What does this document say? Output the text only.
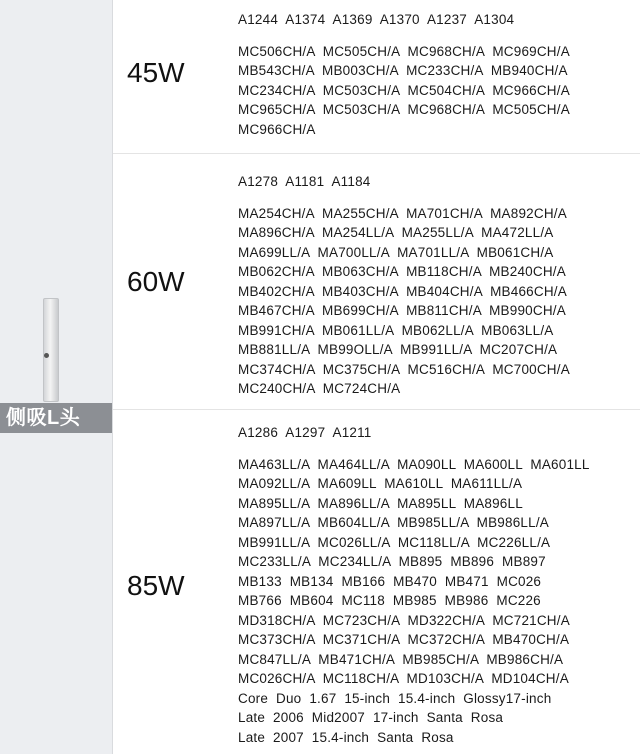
侧吸L头
45W
A1244 A1374 A1369 A1370 A1237 A1304
MC506CH/A MC505CH/A MC968CH/A MC969CH/A
MB543CH/A MB003CH/A MC233CH/A MB940CH/A
MC234CH/A MC503CH/A MC504CH/A MC966CH/A
MC965CH/A MC503CH/A MC968CH/A MC505CH/A
MC966CH/A
60W
A1278 A1181 A1184
MA254CH/A MA255CH/A MA701CH/A MA892CH/A
MA896CH/A MA254LL/A MA255LL/A MA472LL/A
MA699LL/A MA700LL/A MA701LL/A MB061CH/A
MB062CH/A MB063CH/A MB118CH/A MB240CH/A
MB402CH/A MB403CH/A MB404CH/A MB466CH/A
MB467CH/A MB699CH/A MB811CH/A MB990CH/A
MB991CH/A MB061LL/A MB062LL/A MB063LL/A
MB881LL/A MB99OLL/A MB991LL/A MC207CH/A
MC374CH/A MC375CH/A MC516CH/A MC700CH/A
MC240CH/A MC724CH/A
85W
A1286 A1297 A1211
MA463LL/A MA464LL/A MA090LL MA600LL MA601LL
MA092LL/A MA609LL MA610LL MA611LL/A
MA895LL/A MA896LL/A MA895LL MA896LL
MA897LL/A MB604LL/A MB985LL/A MB986LL/A
MB991LL/A MC026LL/A MC118LL/A MC226LL/A
MC233LL/A MC234LL/A MB895 MB896 MB897
MB133 MB134 MB166 MB470 MB471 MC026
MB766 MB604 MC118 MB985 MB986 MC226
MD318CH/A MC723CH/A MD322CH/A MC721CH/A
MC373CH/A MC371CH/A MC372CH/A MB470CH/A
MC847LL/A MB471CH/A MB985CH/A MB986CH/A
MC026CH/A MC118CH/A MD103CH/A MD104CH/A
Core Duo 1.67 15-inch 15.4-inch Glossy17-inch
Late 2006 Mid2007 17-inch Santa Rosa
Late 2007 15.4-inch Santa Rosa
